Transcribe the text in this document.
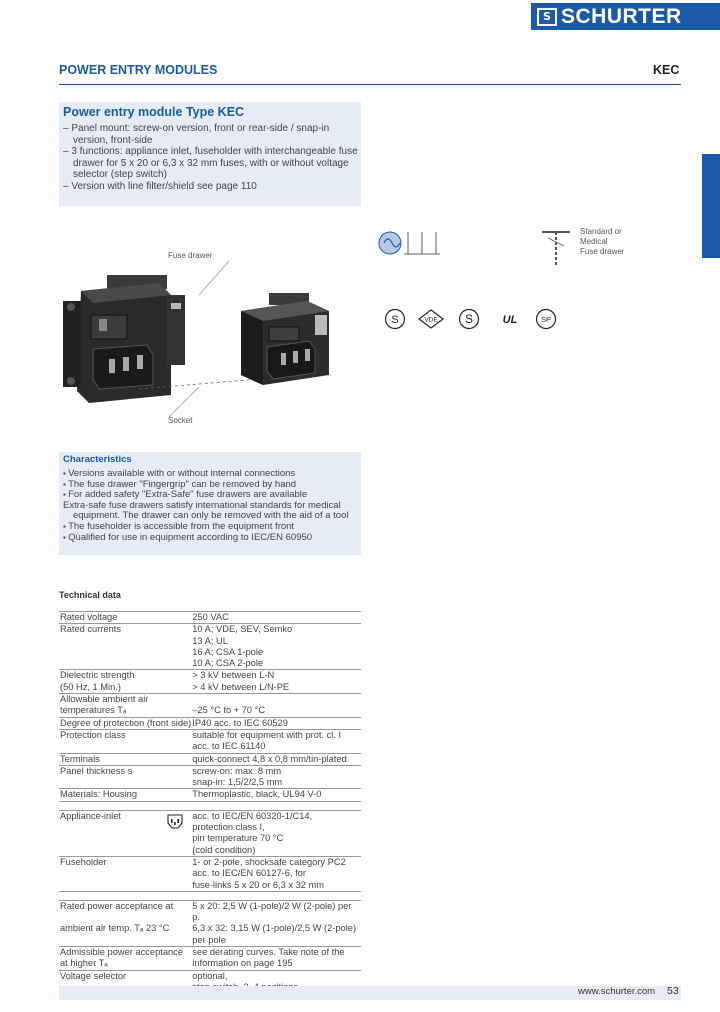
S SCHURTER
POWER ENTRY MODULES	KEC
Power entry module Type KEC
– Panel mount: screw-on version, front or rear-side / snap-in version, front-side
– 3 functions: appliance inlet, fuseholder with interchangeable fuse drawer for 5 x 20 or 6,3 x 32 mm fuses, with or without voltage selector (step switch)
– Version with line filter/shield see page 110
Fuse drawer
Socket
Standard or
Medical
Fuse drawer
S	VDE S	UL	SP
Characteristics
▪ Versions available with or without internal connections
▪ The fuse drawer "Fingergrip" can be removed by hand
▪ For added safety "Extra-Safe" fuse drawers are available
Extra-safe fuse drawers satisfy international standards for medical equipment. The drawer can only be removed with the aid of a tool
▪ The fuseholder is accessible from the equipment front
▪ Qualified for use in equipment according to IEC/EN 60950
Technical data
Rated voltage	250 VAC
Rated currents	10 A; VDE, SEV, Semko
	13 A; UL
	16 A; CSA 1-pole
	10 A; CSA 2-pole
Dielectric strength	> 3 kV between L-N
(50 Hz, 1 Min.)	> 4 kV between L/N-PE
Allowable ambient air	
temperatures Tₐ	–25 °C to + 70 °C
Degree of protection (front side)	IP40 acc. to IEC 60529
Protection class	suitable for equipment with prot. cl. I
	acc. to IEC 61140
Terminals	quick-connect 4,8 x 0,8 mm/tin-plated
Panel thickness s	screw-on: max. 8 mm
	snap-in: 1,5/2/2,5 mm
Materials: Housing	Thermoplastic, black, UL94 V-0

Appliance-inlet	acc. to IEC/EN 60320-1/C14,
	protection class I,
	pin temperature 70 °C
	(cold condition)
Fuseholder	1- or 2-pole, shocksafe category PC2
	acc. to IEC/EN 60127-6, for
	fuse-links 5 x 20 or 6,3 x 32 mm

Rated power acceptance at	5 x 20: 2,5 W (1-pole)/2 W (2-pole) per p.
ambient air temp. Tₐ 23 °C	6,3 x 32: 3,15 W (1-pole)/2,5 W (2-pole)
	per pole
Admissible power acceptance	see derating curves. Take note of the
at higher Tₐ	information on page 195
Voltage selector	optional,

www.schurter.com 53
